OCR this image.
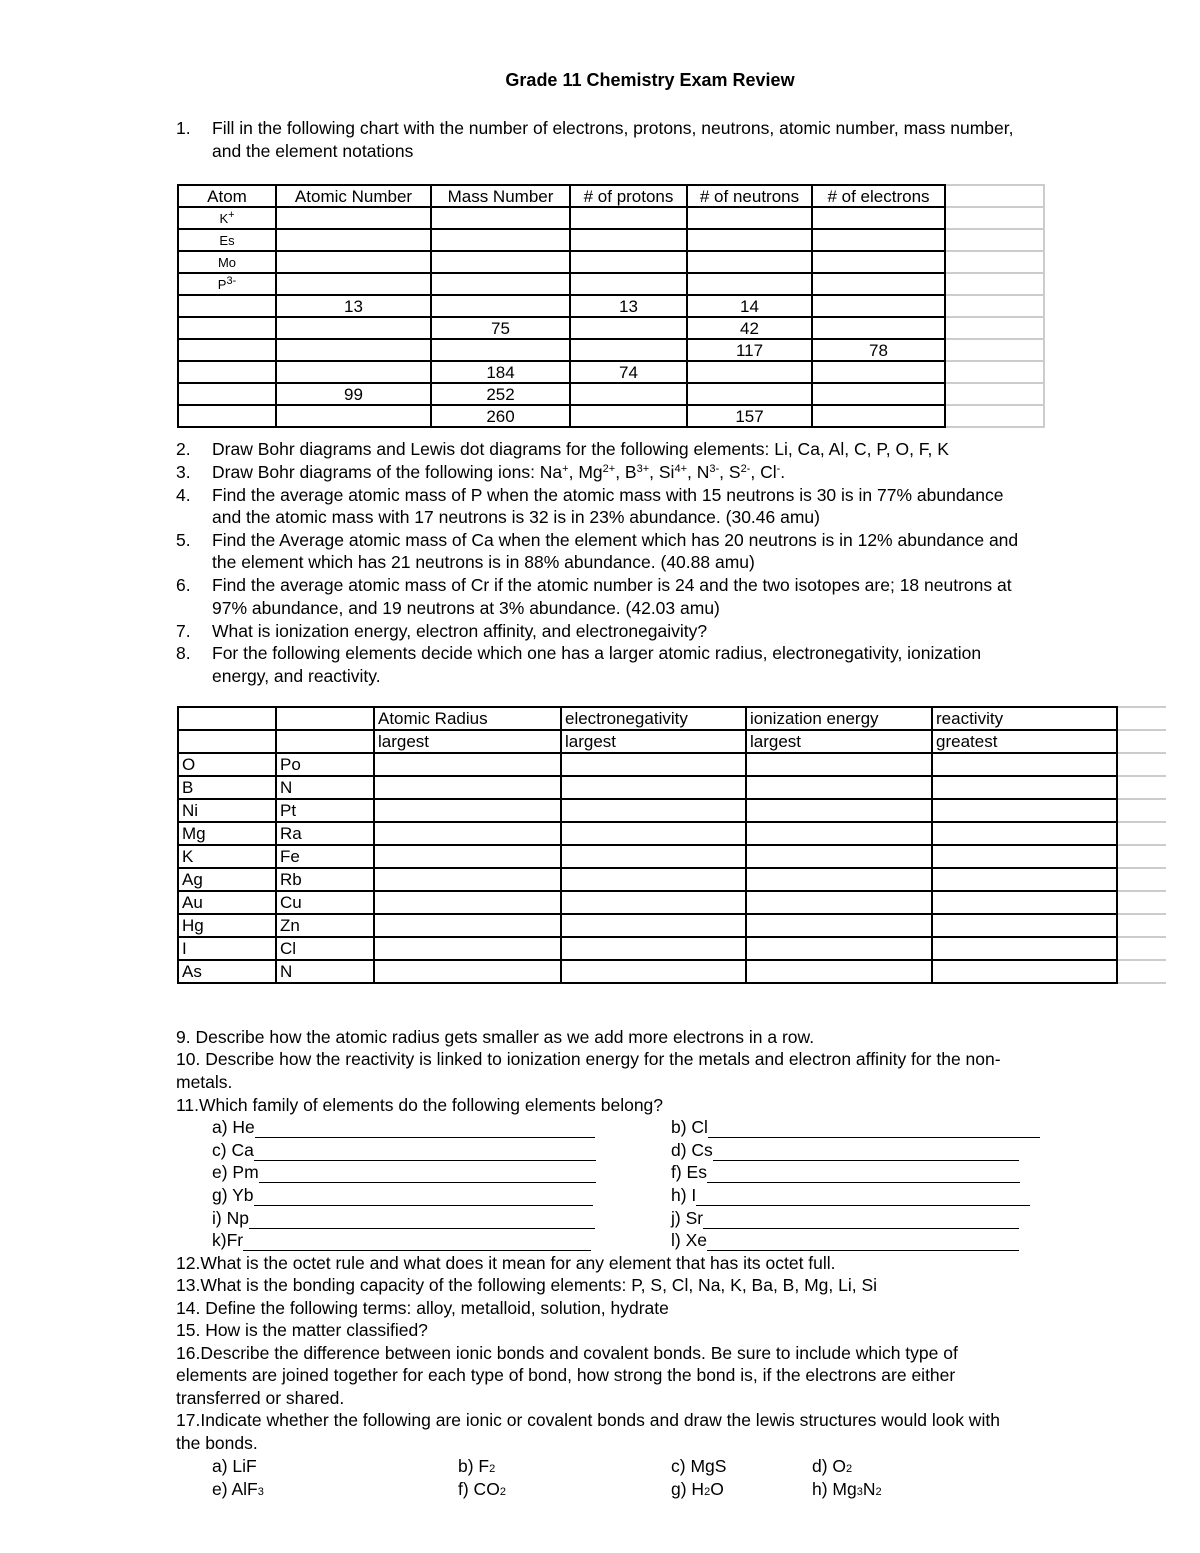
Grade 11 Chemistry Exam Review
1. Fill in the following chart with the number of electrons, protons, neutrons, atomic number, mass number,
and the element notations
Atom	Atomic Number	Mass Number	# of protons	# of neutrons	# of electrons	
K+						
Es						
Mo						
$P^{3-}$						
	13		13	14		
		75		42		
				117	78	
		184	74			
	99	252				
		260		157		
2. Draw Bohr diagrams and Lewis dot diagrams for the following elements: Li, Ca, Al, C, P, O, F, K
3. Draw Bohr diagrams of the following ions: Na+, $Mg^{2+}$, $B^{3+}$, $Si^{4+}$, $N^{3-}$, $S^{2-}$, Cl-.
4. Find the average atomic mass of P when the atomic mass with 15 neutrons is 30 is in 77% abundance
and the atomic mass with 17 neutrons is 32 is in 23% abundance. (30.46 amu)
5. Find the Average atomic mass of Ca when the element which has 20 neutrons is in 12% abundance and
the element which has 21 neutrons is in 88% abundance. (40.88 amu)
6. Find the average atomic mass of Cr if the atomic number is 24 and the two isotopes are; 18 neutrons at
97% abundance, and 19 neutrons at 3% abundance. (42.03 amu)
7. What is ionization energy, electron affinity, and electronegaivity?
8. For the following elements decide which one has a larger atomic radius, electronegativity, ionization
energy, and reactivity.
		Atomic Radius	electronegativity	ionization energy	reactivity	
		largest	largest	largest	greatest	
O	Po					
B	N					
Ni	Pt					
Mg	Ra					
K	Fe					
Ag	Rb					
Au	Cu					
Hg	Zn					
I	Cl					
As	N					
9. Describe how the atomic radius gets smaller as we add more electrons in a row.
10. Describe how the reactivity is linked to ionization energy for the metals and electron affinity for the non-
metals.
11.Which family of elements do the following elements belong?
a) He	b) Cl
c) Ca	d) Cs
e) Pm	f) Es
g) Yb	h) I
i) Np	j) Sr
k)Fr	l) Xe
12.What is the octet rule and what does it mean for any element that has its octet full.
13.What is the bonding capacity of the following elements: P, S, Cl, Na, K, Ba, B, Mg, Li, Si
14. Define the following terms: alloy, metalloid, solution, hydrate
15. How is the matter classified?
16.Describe the difference between ionic bonds and covalent bonds. Be sure to include which type of
elements are joined together for each type of bond, how strong the bond is, if the electrons are either
transferred or shared.
17.Indicate whether the following are ionic or covalent bonds and draw the lewis structures would look with
the bonds.
a) LiF	b) $F_2$	c) MgS	d) $O_2$
e) AlF$_3$	f) $CO_2$	g) $H_2O$	h) $Mg_3N_2$
